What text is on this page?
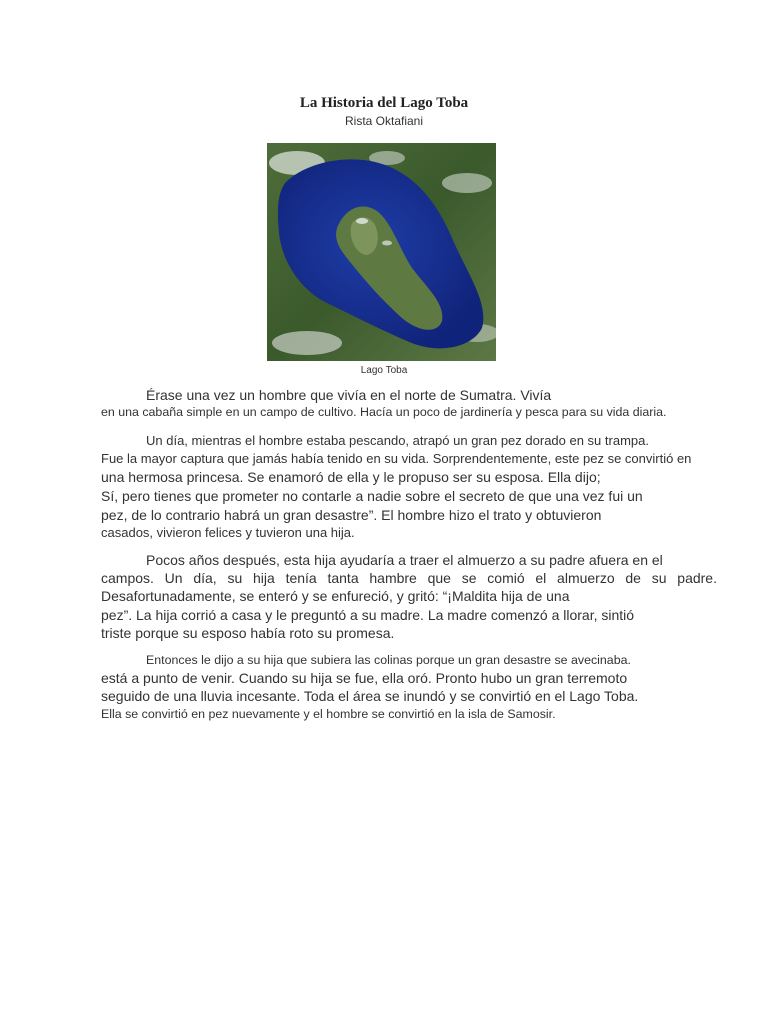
La Historia del Lago Toba
Rista Oktafiani
Lago Toba
Érase una vez un hombre que vivía en el norte de Sumatra. Vivía
en una cabaña simple en un campo de cultivo. Hacía un poco de jardinería y pesca para su vida diaria.
Un día, mientras el hombre estaba pescando, atrapó un gran pez dorado en su trampa.
Fue la mayor captura que jamás había tenido en su vida. Sorprendentemente, este pez se convirtió en
una hermosa princesa. Se enamoró de ella y le propuso ser su esposa. Ella dijo;
Sí, pero tienes que prometer no contarle a nadie sobre el secreto de que una vez fui un
pez, de lo contrario habrá un gran desastre”. El hombre hizo el trato y obtuvieron
casados, vivieron felices y tuvieron una hija.
Pocos años después, esta hija ayudaría a traer el almuerzo a su padre afuera en el
campos. Un día, su hija tenía tanta hambre que se comió el almuerzo de su padre.
Desafortunadamente, se enteró y se enfureció, y gritó: “¡Maldita hija de una
pez”. La hija corrió a casa y le preguntó a su madre. La madre comenzó a llorar, sintió
triste porque su esposo había roto su promesa.
Entonces le dijo a su hija que subiera las colinas porque un gran desastre se avecinaba.
está a punto de venir. Cuando su hija se fue, ella oró. Pronto hubo un gran terremoto
seguido de una lluvia incesante. Toda el área se inundó y se convirtió en el Lago Toba.
Ella se convirtió en pez nuevamente y el hombre se convirtió en la isla de Samosir.
